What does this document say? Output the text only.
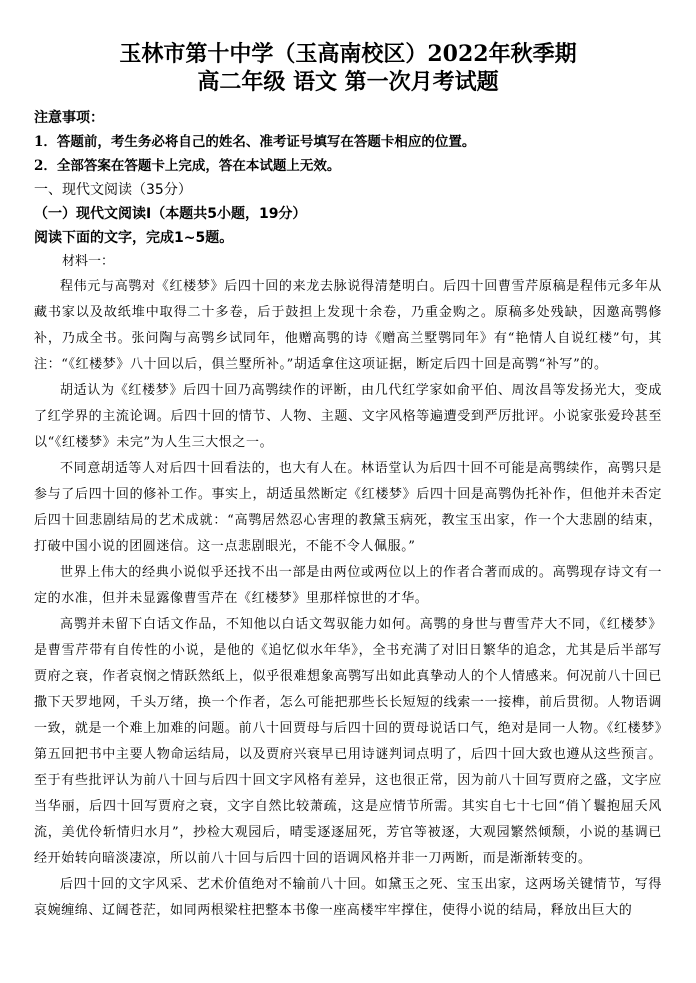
玉林市第十中学（玉高南校区）2022年秋季期

高二年级 语文 第一次月考试题

注意事项：

1．答题前，考生务必将自己的姓名、准考证号填写在答题卡相应的位置。

2．全部答案在答题卡上完成，答在本试题上无效。

一、现代文阅读（35分）

（一）现代文阅读Ⅰ（本题共5小题，19分）

阅读下面的文字，完成1~5题。

材料一：

程伟元与高鹗对《红楼梦》后四十回的来龙去脉说得清楚明白。后四十回曹雪芹原稿是程伟元多年从藏书家以及故纸堆中取得二十多卷，后于鼓担上发现十余卷，乃重金购之。原稿多处残缺，因邀高鹗修补，乃成全书。张问陶与高鹗乡试同年，他赠高鹗的诗《赠高兰墅鹗同年》有“艳情人自说红楼”句，其注：“《红楼梦》八十回以后，俱兰墅所补。”胡适拿住这项证据，断定后四十回是高鹗“补写”的。

胡适认为《红楼梦》后四十回乃高鹗续作的评断，由几代红学家如俞平伯、周汝昌等发扬光大，变成了红学界的主流论调。后四十回的情节、人物、主题、文字风格等遍遭受到严厉批评。小说家张爱玲甚至以“《红楼梦》未完”为人生三大恨之一。

不同意胡适等人对后四十回看法的，也大有人在。林语堂认为后四十回不可能是高鹗续作，高鹗只是参与了后四十回的修补工作。事实上，胡适虽然断定《红楼梦》后四十回是高鹗伪托补作，但他并未否定后四十回悲剧结局的艺术成就：“高鹗居然忍心害理的教黛玉病死，教宝玉出家，作一个大悲剧的结束，打破中国小说的团圆迷信。这一点悲剧眼光，不能不令人佩服。”

世界上伟大的经典小说似乎还找不出一部是由两位或两位以上的作者合著而成的。高鹗现存诗文有一定的水准，但并未显露像曹雪芹在《红楼梦》里那样惊世的才华。

高鹗并未留下白话文作品，不知他以白话文驾驭能力如何。高鹗的身世与曹雪芹大不同，《红楼梦》是曹雪芹带有自传性的小说，是他的《追忆似水年华》，全书充满了对旧日繁华的追念，尤其是后半部写贾府之衰，作者哀悯之情跃然纸上，似乎很难想象高鹗写出如此真挚动人的个人情感来。何况前八十回已撒下天罗地网，千头万绪，换一个作者，怎么可能把那些长长短短的线索一一接榫，前后贯彻。人物语调一致，就是一个难上加难的问题。前八十回贾母与后四十回的贾母说话口气，绝对是同一人物。《红楼梦》第五回把书中主要人物命运结局，以及贾府兴衰早已用诗谜判词点明了，后四十回大致也遵从这些预言。至于有些批评认为前八十回与后四十回文字风格有差异，这也很正常，因为前八十回写贾府之盛，文字应当华丽，后四十回写贾府之衰，文字自然比较萧疏，这是应情节所需。其实自七十七回“俏丫鬟抱屈夭风流，美优伶斩情归水月”，抄检大观园后，晴雯逐逐屈死，芳官等被逐，大观园繁然倾颓，小说的基调已经开始转向暗淡凄凉，所以前八十回与后四十回的语调风格并非一刀两断，而是渐渐转变的。

后四十回的文字风采、艺术价值绝对不输前八十回。如黛玉之死、宝玉出家，这两场关键情节，写得哀婉缠绵、辽阔苍茫，如同两根梁柱把整本书像一座高楼牢牢撑住，使得小说的结局，释放出巨大的
